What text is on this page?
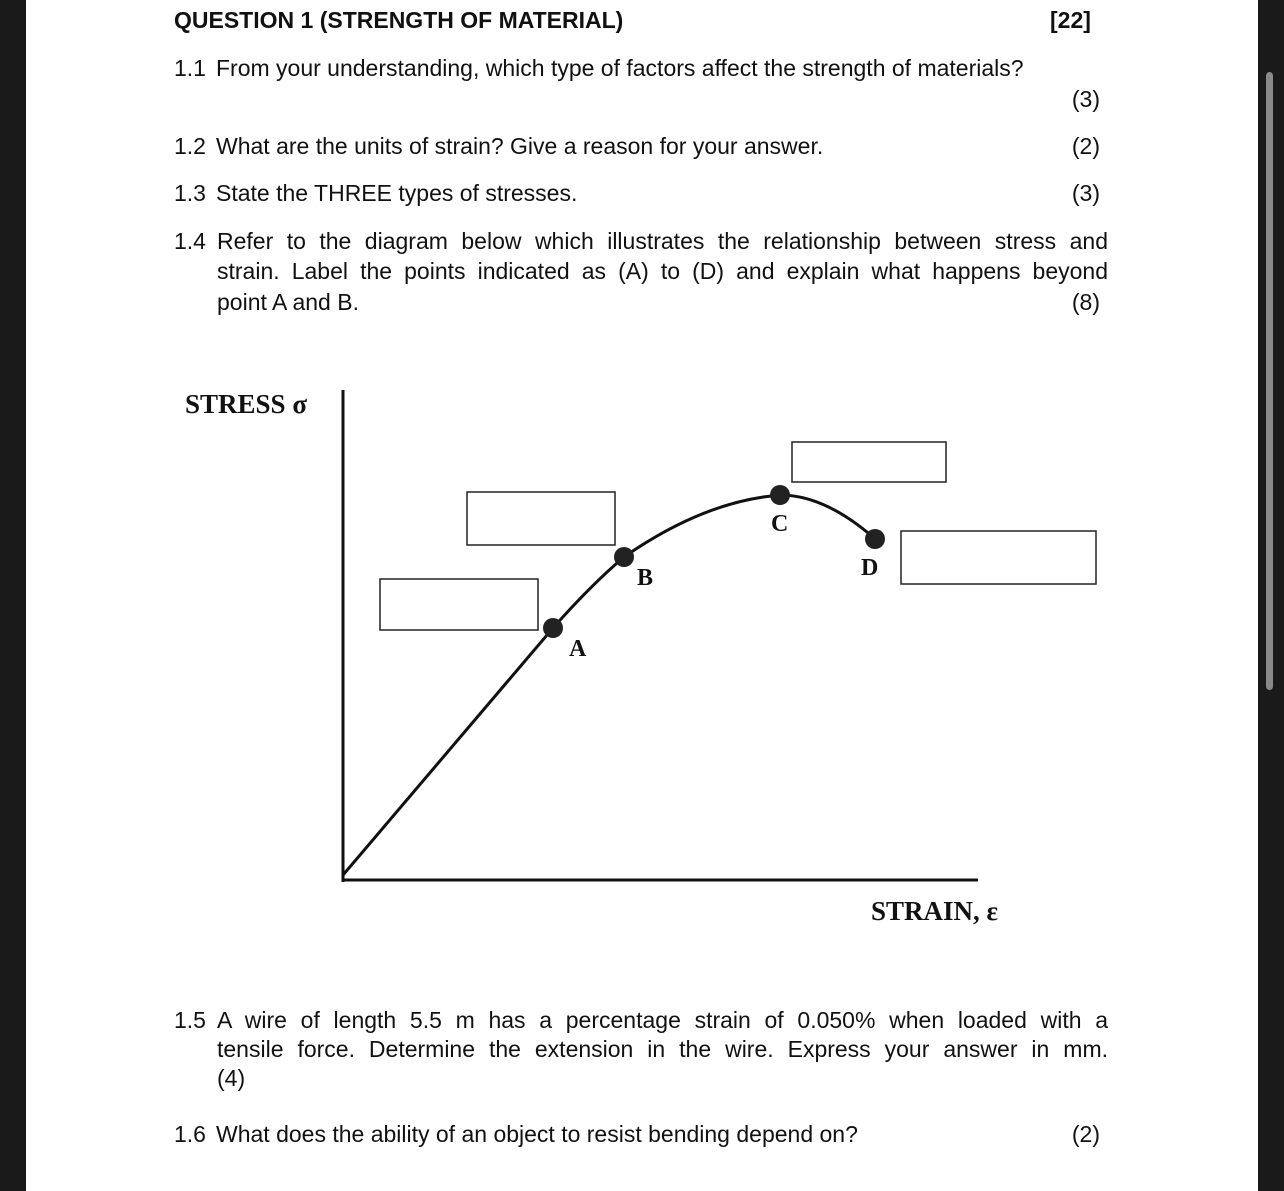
QUESTION 1 (STRENGTH OF MATERIAL)	[22]
1.1 From your understanding, which type of factors affect the strength of materials?
(3)
1.2 What are the units of strain? Give a reason for your answer.	(2)
1.3 State the THREE types of stresses.	(3)
1.4 Refer to the diagram below which illustrates the relationship between stress and
strain. Label the points indicated as (A) to (D) and explain what happens beyond
point A and B.	(8)
STRESS σ
STRAIN, ε
A
B
C
D
1.5 A wire of length 5.5 m has a percentage strain of 0.050% when loaded with a
tensile force. Determine the extension in the wire. Express your answer in mm.
(4)
1.6 What does the ability of an object to resist bending depend on?	(2)
